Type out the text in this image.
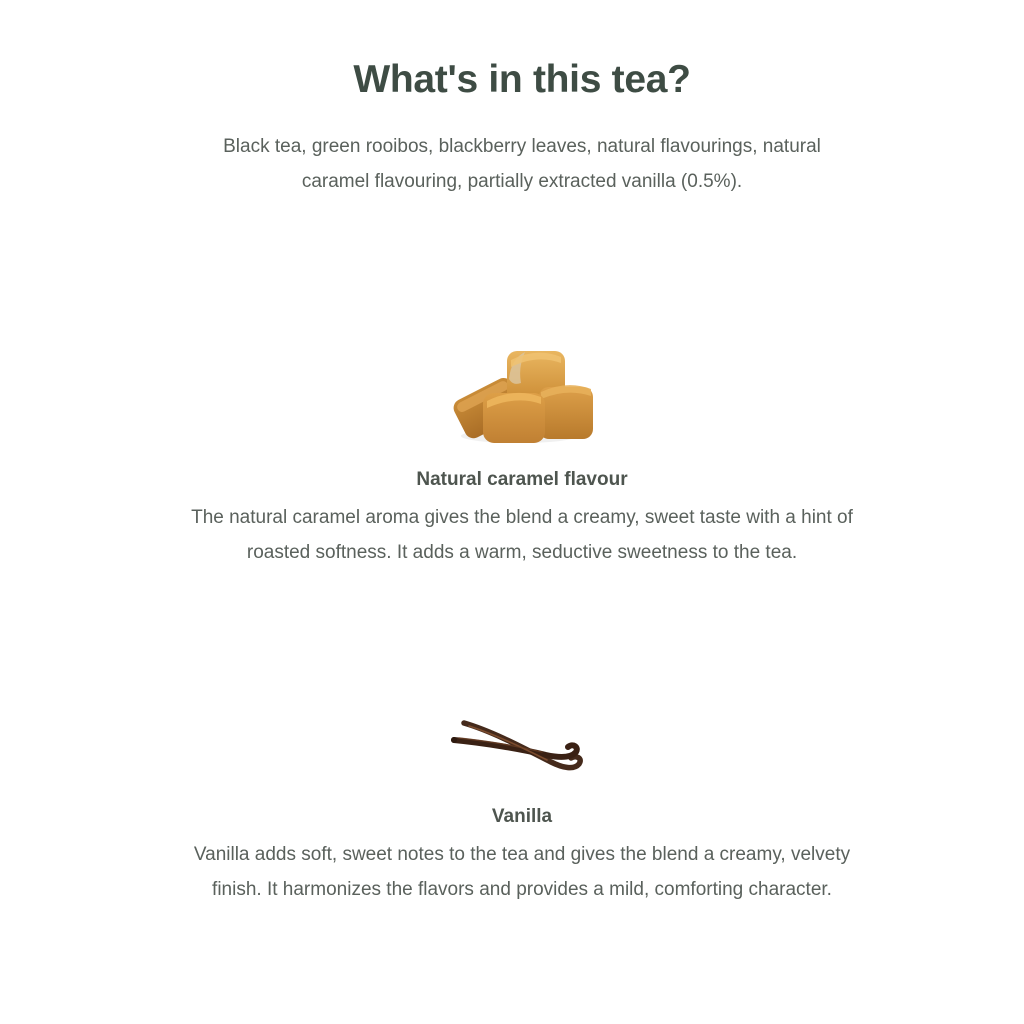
What's in this tea?

Black tea, green rooibos, blackberry leaves, natural flavourings, natural caramel flavouring, partially extracted vanilla (0.5%).

Natural caramel flavour

The natural caramel aroma gives the blend a creamy, sweet taste with a hint of roasted softness. It adds a warm, seductive sweetness to the tea.

Vanilla

Vanilla adds soft, sweet notes to the tea and gives the blend a creamy, velvety finish. It harmonizes the flavors and provides a mild, comforting character.
